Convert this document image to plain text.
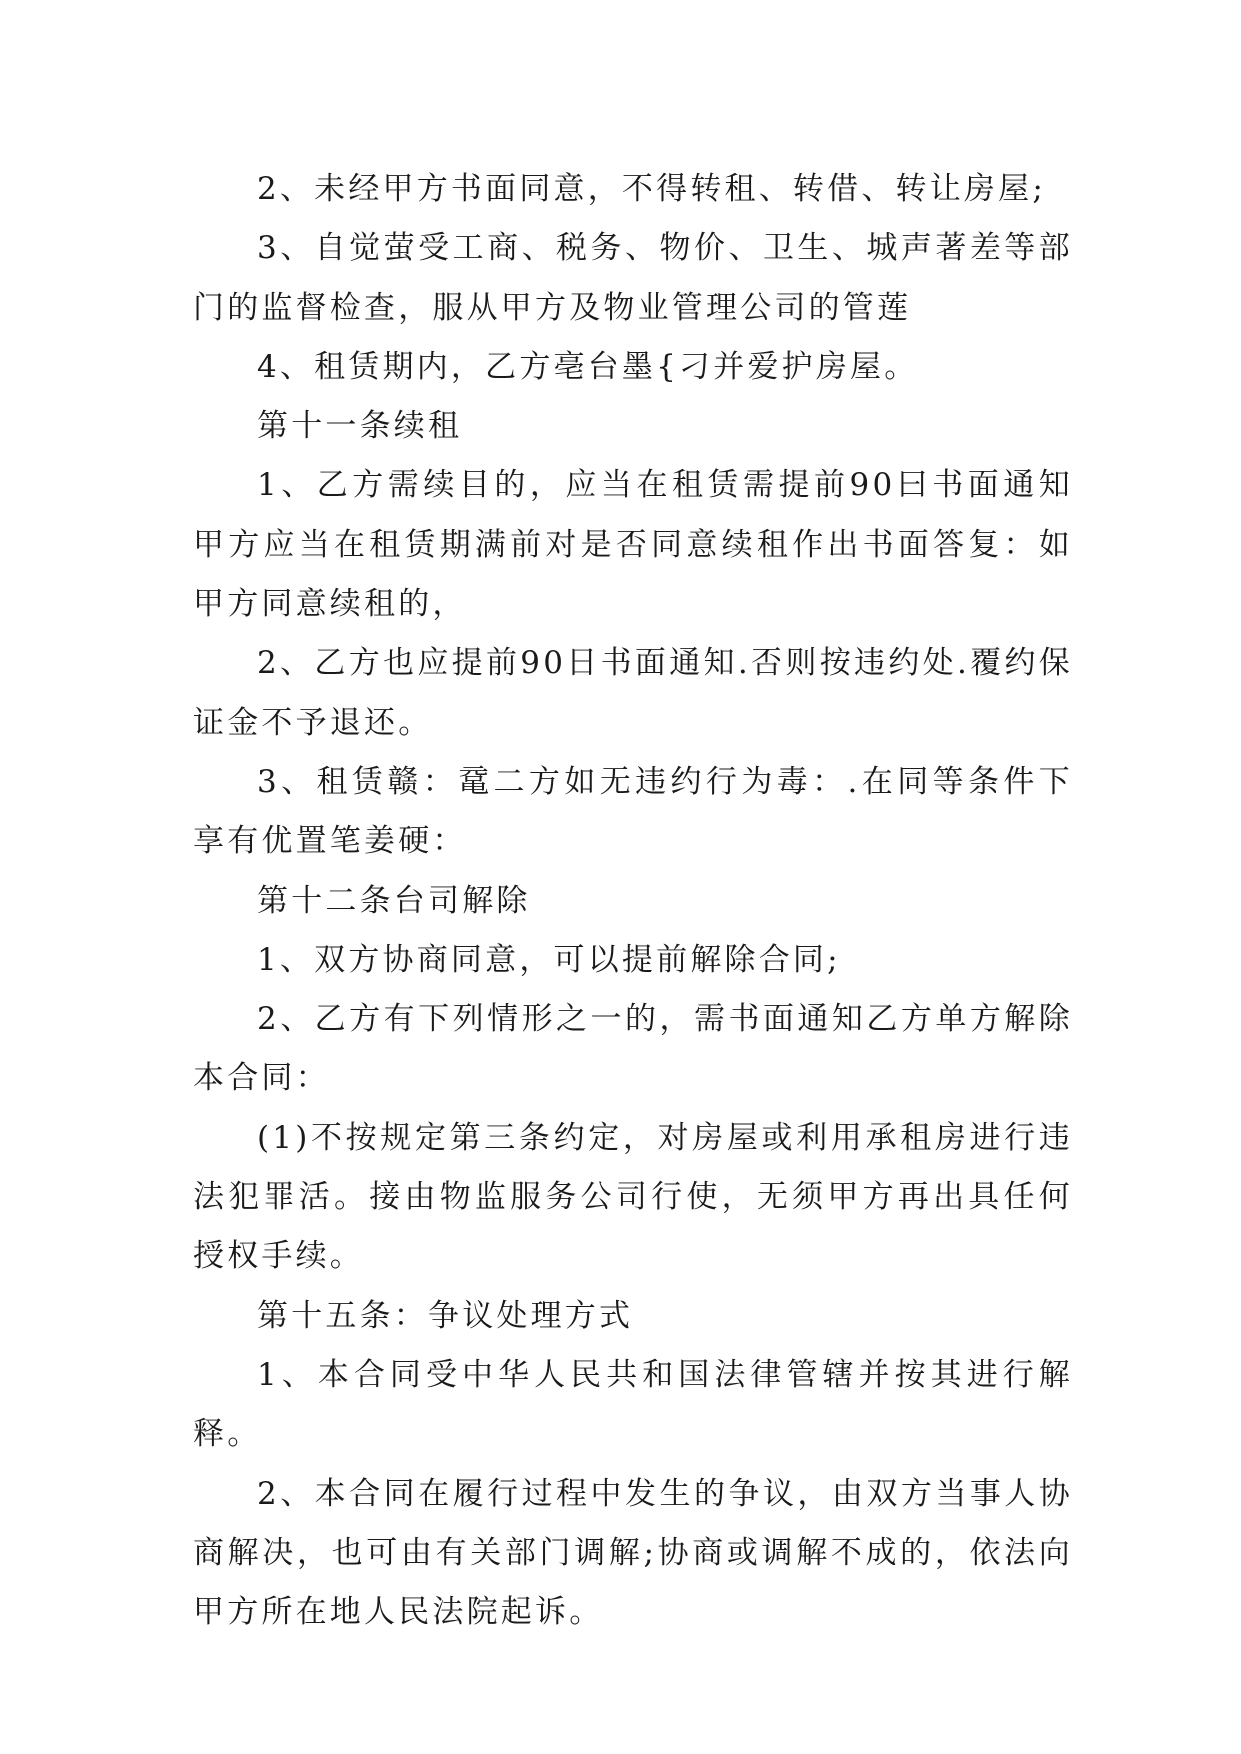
2、未经甲方书面同意，不得转租、转借、转让房屋;

3、自觉萤受工商、税务、物价、卫生、城声著差等部门的监督检查，服从甲方及物业管理公司的管莲

4、租赁期内，乙方亳台墨{刁并爱护房屋。

第十一条续租

1、乙方需续目的，应当在租赁需提前90曰书面通知甲方应当在租赁期满前对是否同意续租作出书面答复：如甲方同意续租的，

2、乙方也应提前90日书面通知.否则按违约处.覆约保证金不予退还。

3、租赁赣：鼋二方如无违约行为毒：.在同等条件下享有优置笔姜硬：

第十二条台司解除

1、双方协商同意，可以提前解除合同;

2、乙方有下列情形之一的，需书面通知乙方单方解除本合同：

(1)不按规定第三条约定，对房屋或利用承租房进行违法犯罪活。接由物监服务公司行使，无须甲方再出具任何授权手续。

第十五条：争议处理方式

1、本合同受中华人民共和国法律管辖并按其进行解释。

2、本合同在履行过程中发生的争议，由双方当事人协商解决，也可由有关部门调解;协商或调解不成的，依法向甲方所在地人民法院起诉。
